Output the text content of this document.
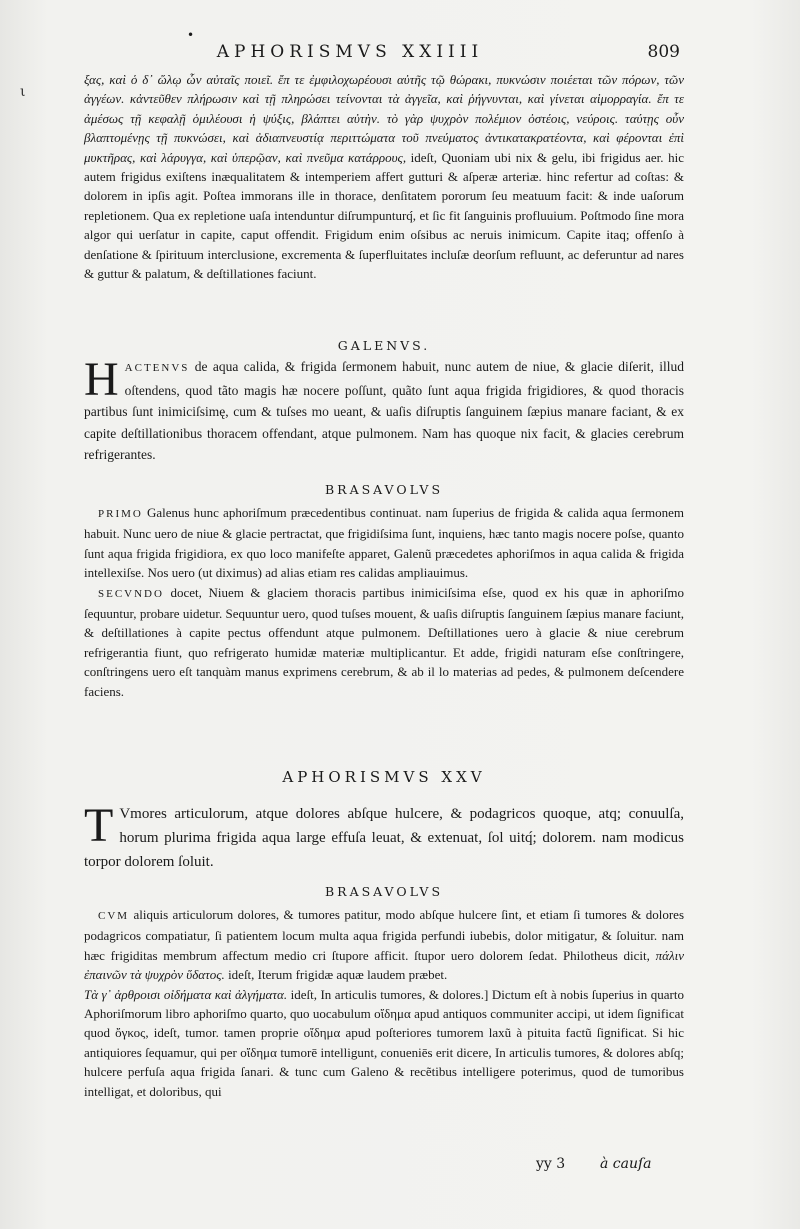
•
ι
APHORISMVS XXIIII	809

ξας, καὶ ὁ δ᾽ ὥλῳ ὧν αὐταῖς ποιεῖ. ἔπ τε ἐμφιλοχωρέουσι αὐτῆς τῷ θώρακι, πυκνώσιν ποιέεται τῶν πόρων, τῶν ἀγγέων. κἀντεῦθεν πλήρωσιν καὶ τῇ πληρώσει τείνονται τὰ ἀγγεῖα, καὶ ῥήγνυνται, καὶ γίνεται αἱμορραγία. ἔπ τε ἀμέσως τῇ κεφαλῇ ὁμιλέουσι ἡ ψύξις, βλάπτει αὐτὴν. τὸ γὰρ ψυχρὸν πολέμιον ὀστέοις, νεύροις. ταύτῃς οὖν βλαπτομένῃς τῇ πυκνώσει, καὶ ἀδιαπνευστίᾳ περιττώματα τοῦ πνεύματος ἀντικατακρατέοντα, καὶ φέρονται ἐπὶ μυκτῆρας, καὶ λάρυγγα, καὶ ὑπερῷαν, καὶ πνεῦμα κατάρρους, ideſt, Quoniam ubi nix & gelu, ibi frigidus aer. hic autem frigidus exiſtens inæqualitatem & intemperiem affert gutturi & aſperæ arteriæ. hinc refertur ad coſtas: & dolorem in ipſis agit. Poſtea immorans ille in thorace, denſitatem pororum ſeu meatuum facit: & inde uaſorum repletionem. Qua ex repletione uaſa intenduntur diſrumpunturq́, et ſic fit ſanguinis profluuium. Poſtmodo ſine mora algor qui uerſatur in capite, caput offendit. Frigidum enim oſsibus ac neruis inimicum. Capite itaq; offenſo à denſatione & ſpirituum interclusione, excrementa & ſuperfluitates incluſæ deorſum refluunt, ac deferuntur ad nares & guttur & palatum, & deſtillationes faciunt.

GALENVS.

HACTENVS de aqua calida, & frigida ſermonem habuit, nunc autem de niue, & glacie diſerit, illud oſtendens, quod tãto magis hæ nocere poſſunt, quãto ſunt aqua frigida frigidiores, & quod thoracis partibus ſunt inimiciſsimę, cum & tuſses mo ueant, & uaſis diſruptis ſanguinem ſæpius manare faciant, & ex capite deſtillationibus thoracem offendant, atque pulmonem. Nam has quoque nix facit, & glacies cerebrum refrigerantes.

BRASAVOLVS

PRIMO Galenus hunc aphoriſmum præcedentibus continuat. nam ſuperius de frigida & calida aqua ſermonem habuit. Nunc uero de niue & glacie pertractat, que frigidiſsima ſunt, inquiens, hæc tanto magis nocere poſse, quanto ſunt aqua frigida frigidiora, ex quo loco manifeſte apparet, Galenũ præcedetes aphoriſmos in aqua calida & frigida intellexiſse. Nos uero (ut diximus) ad alias etiam res calidas ampliauimus.

SECVNDO docet, Niuem & glaciem thoracis partibus inimiciſsima eſse, quod ex his quæ in aphoriſmo ſequuntur, probare uidetur. Sequuntur uero, quod tuſses mouent, & uaſis diſruptis ſanguinem ſæpius manare faciunt, & deſtillationes à capite pectus offendunt atque pulmonem. Deſtillationes uero à glacie & niue cerebrum refrigerantia fiunt, quo refrigerato humidæ materiæ multiplicantur. Et adde, frigidi naturam eſse conſtringere, conſtringens uero eſt tanquàm manus exprimens cerebrum, & ab il lo materias ad pedes, & pulmonem deſcendere faciens.

APHORISMVS XXV

T Vmores articulorum, atque dolores abſque hulcere, & podagricos quoque, atq; conuulſa, horum plurima frigida aqua large effuſa leuat, & extenuat, ſol uitq́; dolorem. nam modicus torpor dolorem ſoluit.

BRASAVOLVS

CVM aliquis articulorum dolores, & tumores patitur, modo abſque hulcere ſint, et etiam ſi tumores & dolores podagricos compatiatur, ſi patientem locum multa aqua frigida perfundi iubebis, dolor mitigatur, & ſoluitur. nam hæc frigiditas membrum affectum medio cri ſtupore afficit. ſtupor uero dolorem ſedat. Philotheus dicit, πάλιν ἐπαινῶν τὰ ψυχρὸν ὕδατος. ideſt, Iterum frigidæ aquæ laudem præbet.

Τὰ γ᾽ ἀρθροισι οἰδήματα καὶ ἀλγήματα. ideſt, In articulis tumores, & dolores.] Dictum eſt à nobis ſuperius in quarto Aphoriſmorum libro aphoriſmo quarto, quo uocabulum οἴδημα apud antiquos communiter accipi, ut idem ſignificat quod ὄγκος, ideſt, tumor. tamen proprie οἴδημα apud poſteriores tumorem laxũ à pituita factũ ſignificat. Si hic antiquiores ſequamur, qui per οἴδημα tumorē intelligunt, conueniēs erit dicere, In articulis tumores, & dolores abſq; hulcere perfuſa aqua frigida ſanari. & tunc cum Galeno & recẽtibus intelligere poterimus, quod de tumoribus intelligat, et doloribus, qui

yy 3 à cauſa
